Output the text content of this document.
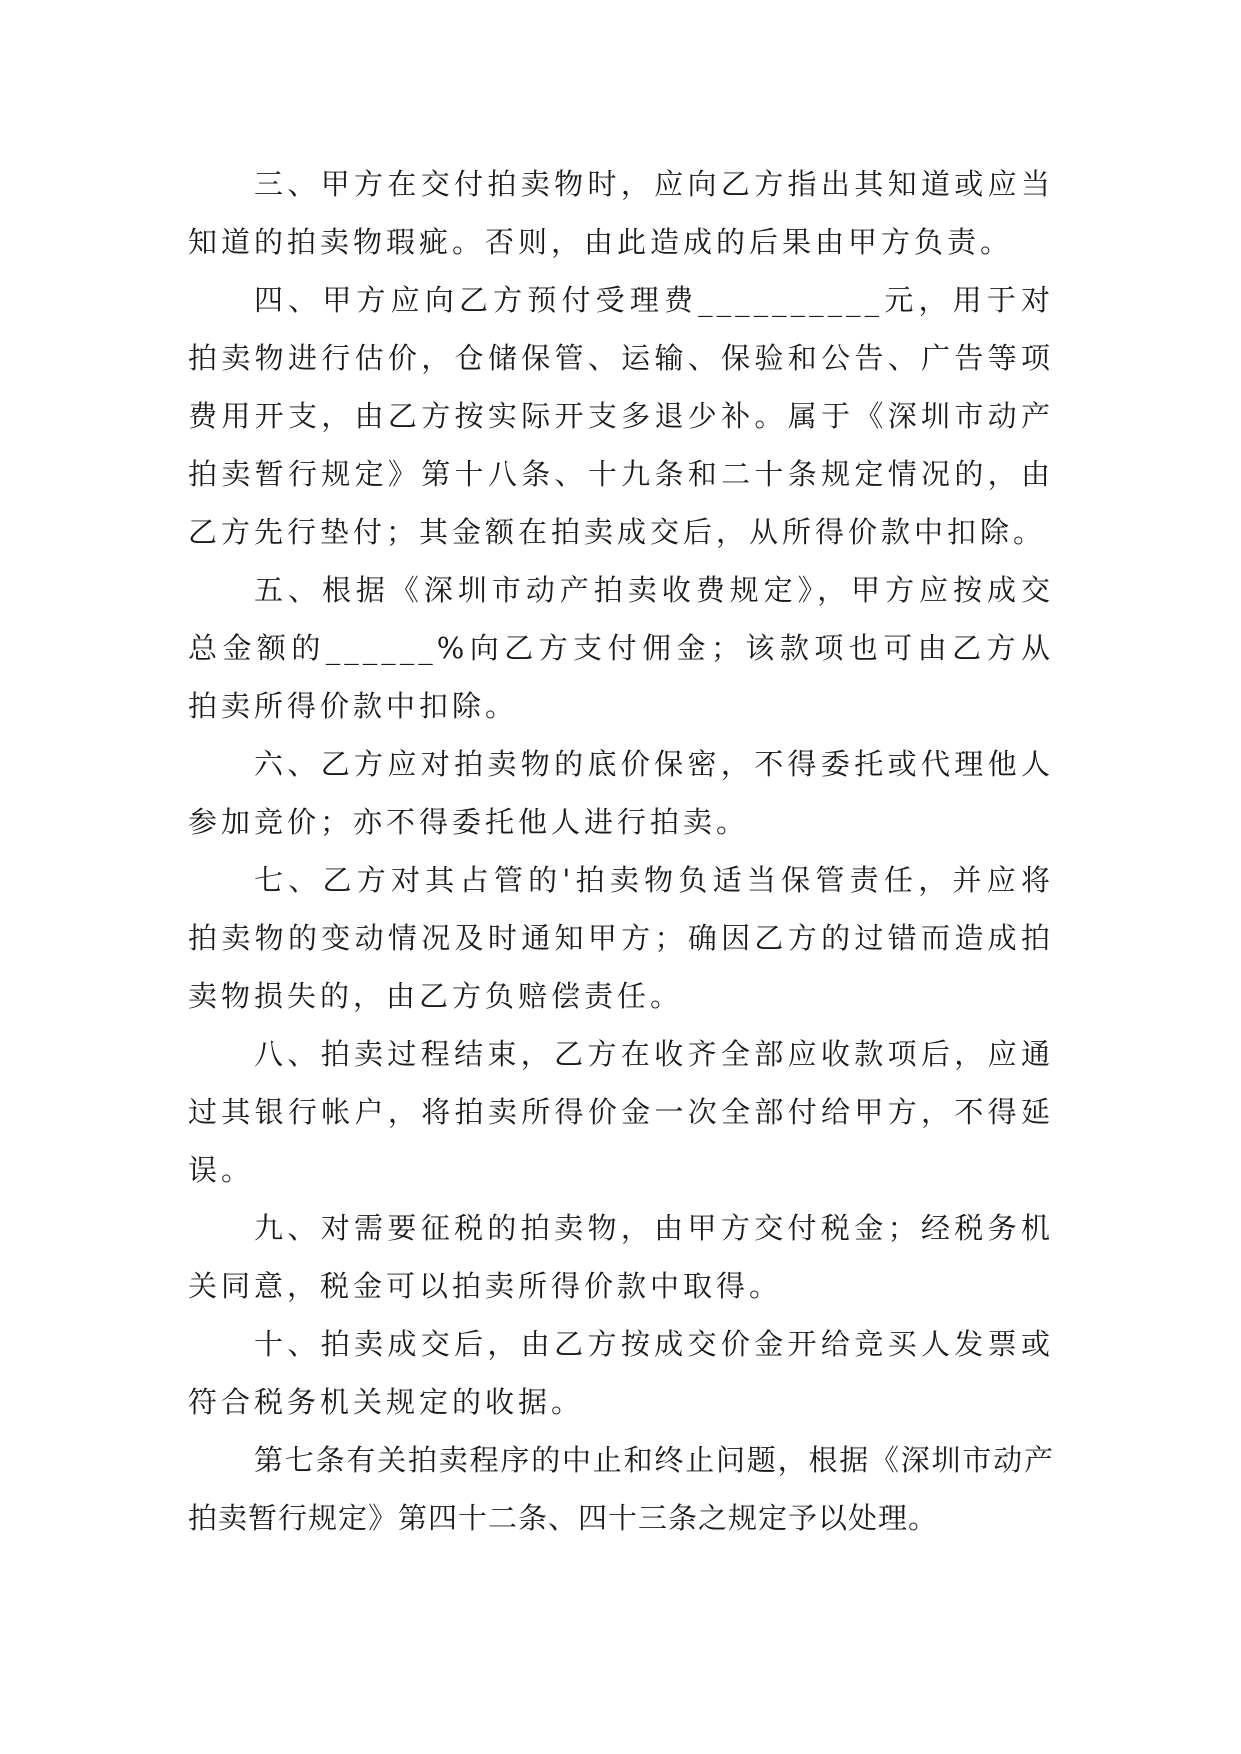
三、甲方在交付拍卖物时，应向乙方指出其知道或应当知道的拍卖物瑕疵。否则，由此造成的后果由甲方负责。

四、甲方应向乙方预付受理费__________元，用于对拍卖物进行估价，仓储保管、运输、保验和公告、广告等项费用开支，由乙方按实际开支多退少补。属于《深圳市动产拍卖暂行规定》第十八条、十九条和二十条规定情况的，由乙方先行垫付；其金额在拍卖成交后，从所得价款中扣除。

五、根据《深圳市动产拍卖收费规定》，甲方应按成交总金额的______%向乙方支付佣金；该款项也可由乙方从拍卖所得价款中扣除。

六、乙方应对拍卖物的底价保密，不得委托或代理他人参加竞价；亦不得委托他人进行拍卖。

七、乙方对其占管的'拍卖物负适当保管责任，并应将拍卖物的变动情况及时通知甲方；确因乙方的过错而造成拍卖物损失的，由乙方负赔偿责任。

八、拍卖过程结束，乙方在收齐全部应收款项后，应通过其银行帐户，将拍卖所得价金一次全部付给甲方，不得延误。

九、对需要征税的拍卖物，由甲方交付税金；经税务机关同意，税金可以拍卖所得价款中取得。

十、拍卖成交后，由乙方按成交价金开给竞买人发票或符合税务机关规定的收据。

第七条有关拍卖程序的中止和终止问题，根据《深圳市动产拍卖暂行规定》第四十二条、四十三条之规定予以处理。
